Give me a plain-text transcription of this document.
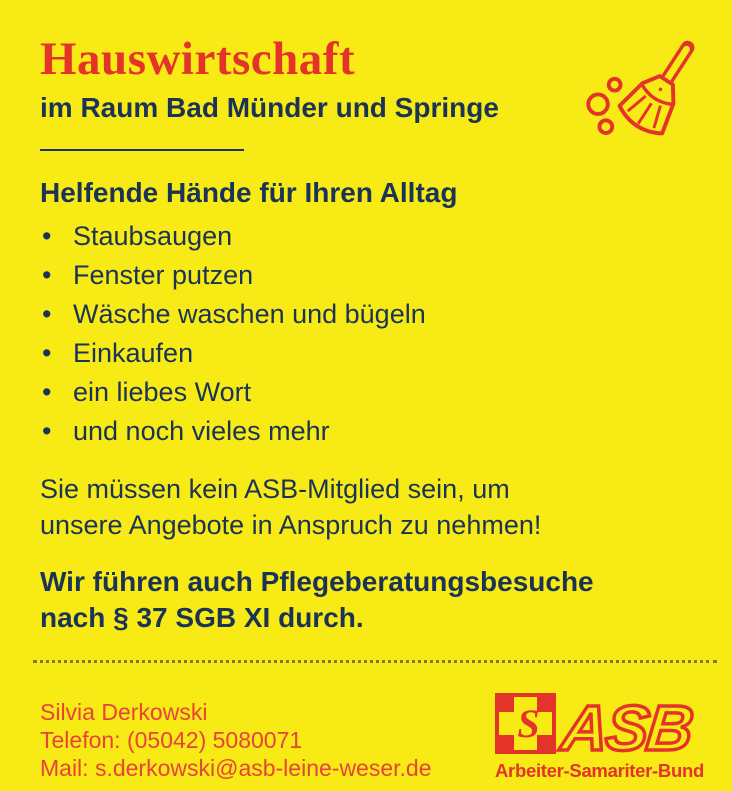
Hauswirtschaft
im Raum Bad Münder und Springe
Helfende Hände für Ihren Alltag
• Staubsaugen
• Fenster putzen
• Wäsche waschen und bügeln
• Einkaufen
• ein liebes Wort
• und noch vieles mehr

Sie müssen kein ASB-Mitglied sein, um unsere Angebote in Anspruch zu nehmen!

Wir führen auch Pflegeberatungsbesuche nach § 37 SGB XI durch.

Silvia Derkowski
Telefon: (05042) 5080071
Mail: s.derkowski@asb-leine-weser.de
S ASB
Arbeiter-Samariter-Bund
